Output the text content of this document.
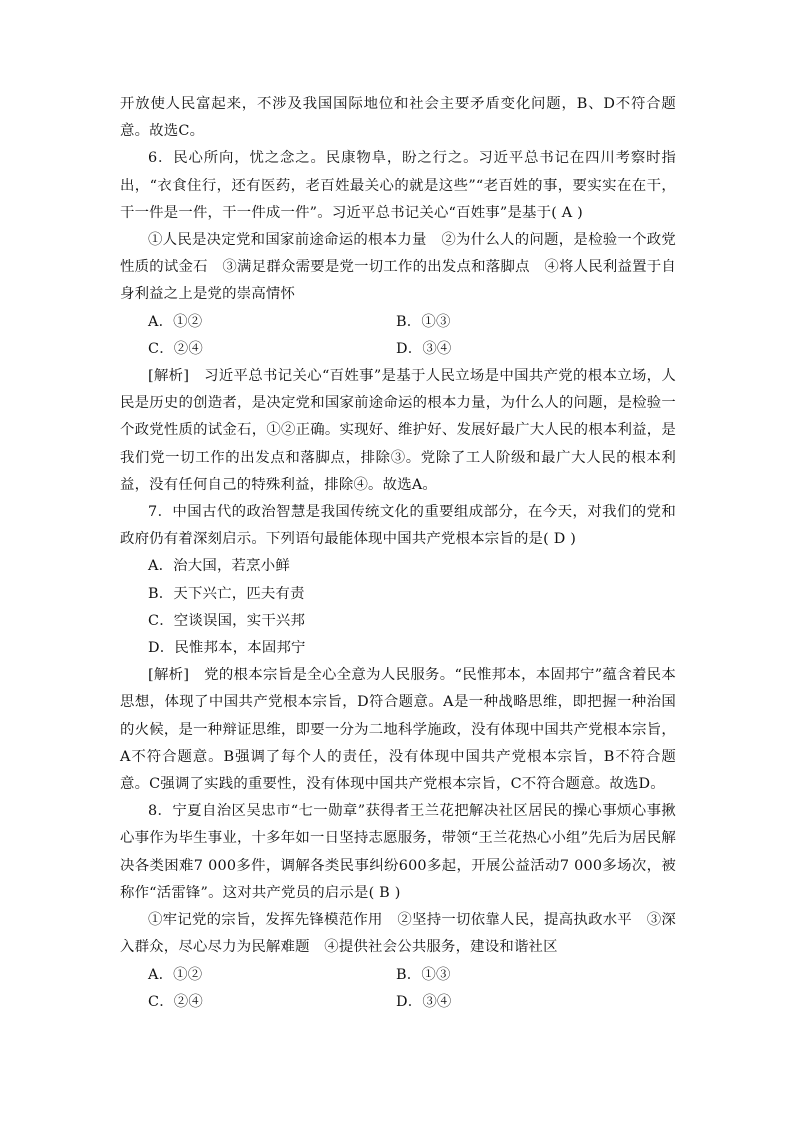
开放使人民富起来，不涉及我国国际地位和社会主要矛盾变化问题，B、D不符合题意。故选C。

6．民心所向，忧之念之。民康物阜，盼之行之。习近平总书记在四川考察时指出，“衣食住行，还有医药，老百姓最关心的就是这些”“老百姓的事，要实实在在干，干一件是一件，干一件成一件”。习近平总书记关心“百姓事”是基于( A )

①人民是决定党和国家前途命运的根本力量　②为什么人的问题，是检验一个政党性质的试金石　③满足群众需要是党一切工作的出发点和落脚点　④将人民利益置于自身利益之上是党的崇高情怀

A．①②	B．①③
C．②④	D．③④

[解析]　习近平总书记关心“百姓事”是基于人民立场是中国共产党的根本立场，人民是历史的创造者，是决定党和国家前途命运的根本力量，为什么人的问题，是检验一个政党性质的试金石，①②正确。实现好、维护好、发展好最广大人民的根本利益，是我们党一切工作的出发点和落脚点，排除③。党除了工人阶级和最广大人民的根本利益，没有任何自己的特殊利益，排除④。故选A。

7．中国古代的政治智慧是我国传统文化的重要组成部分，在今天，对我们的党和政府仍有着深刻启示。下列语句最能体现中国共产党根本宗旨的是( D )

A．治大国，若烹小鲜
B．天下兴亡，匹夫有责
C．空谈误国，实干兴邦
D．民惟邦本，本固邦宁

[解析]　党的根本宗旨是全心全意为人民服务。“民惟邦本，本固邦宁”蕴含着民本思想，体现了中国共产党根本宗旨，D符合题意。A是一种战略思维，即把握一种治国的火候，是一种辩证思维，即要一分为二地科学施政，没有体现中国共产党根本宗旨，A不符合题意。B强调了每个人的责任，没有体现中国共产党根本宗旨，B不符合题意。C强调了实践的重要性，没有体现中国共产党根本宗旨，C不符合题意。故选D。

8．宁夏自治区吴忠市“七一勋章”获得者王兰花把解决社区居民的操心事烦心事揪心事作为毕生事业，十多年如一日坚持志愿服务，带领“王兰花热心小组”先后为居民解决各类困难7 000多件，调解各类民事纠纷600多起，开展公益活动7 000多场次，被称作“活雷锋”。这对共产党员的启示是( B )

①牢记党的宗旨，发挥先锋模范作用　②坚持一切依靠人民，提高执政水平　③深入群众，尽心尽力为民解难题　④提供社会公共服务，建设和谐社区

A．①②	B．①③
C．②④	D．③④
